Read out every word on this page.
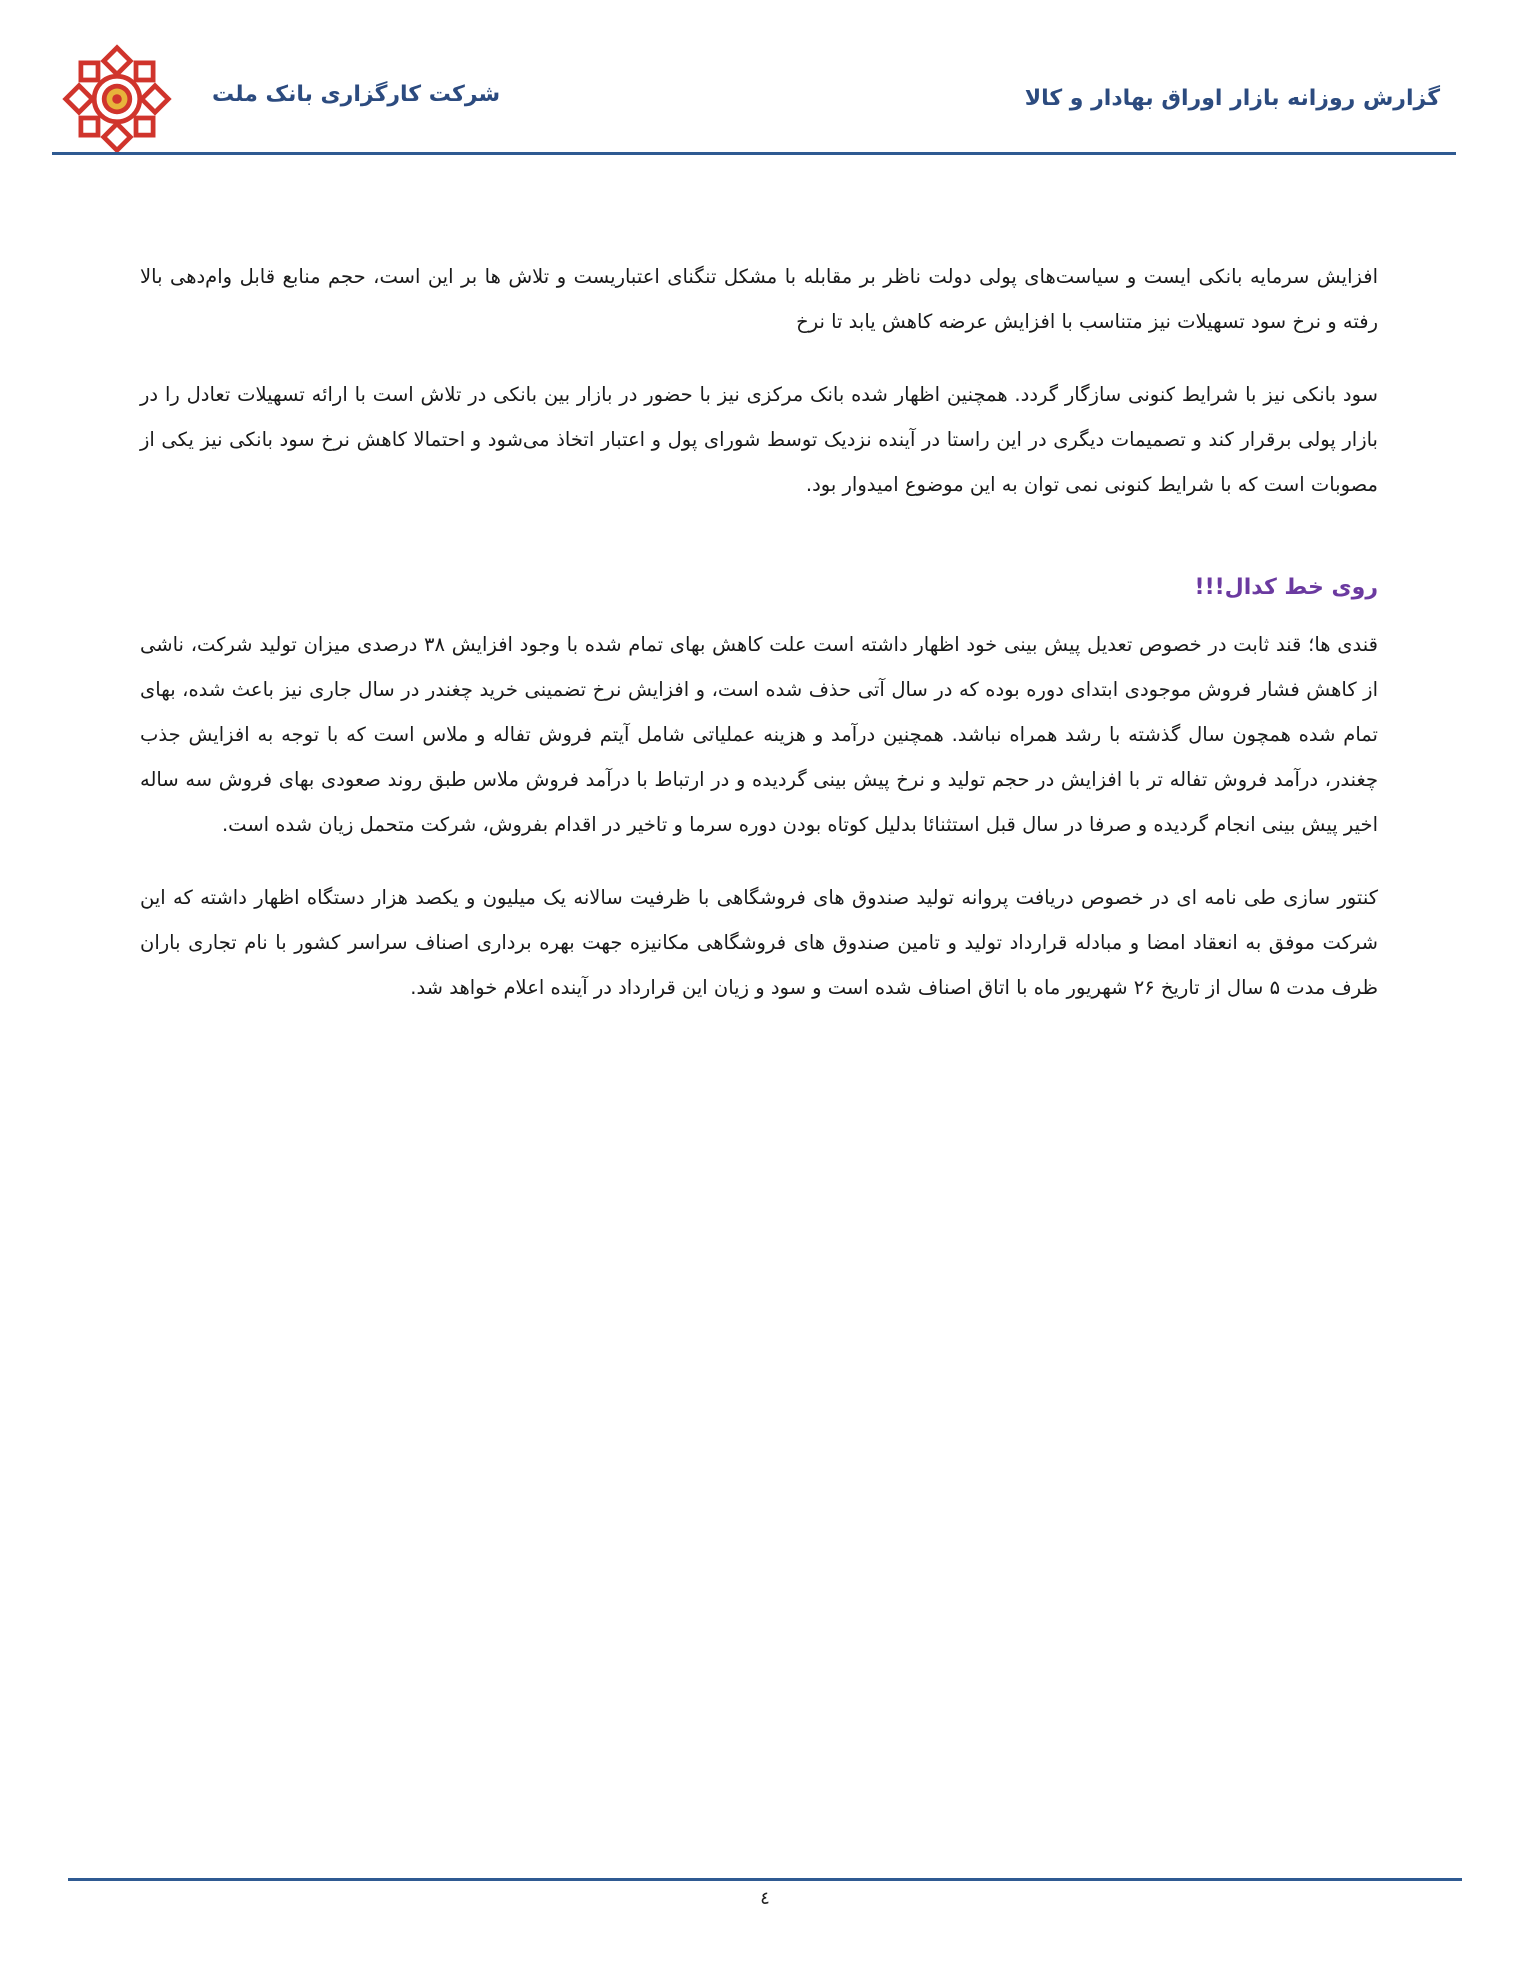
شرکت کارگزاری بانک ملت	گزارش روزانه بازار اوراق بهادار و کالا

افزایش سرمایه بانکی ایست و سیاست‌های پولی دولت ناظر بر مقابله با مشکل تنگنای اعتباریست و تلاش ها بر این است، حجم منابع قابل وام‌دهی بالا رفته و نرخ سود تسهیلات نیز متناسب با افزایش عرضه کاهش یابد تا نرخ

سود بانکی نیز با شرایط کنونی سازگار گردد. همچنین اظهار شده بانک مرکزی نیز با حضور در بازار بین بانکی در تلاش است با ارائه تسهیلات تعادل را در بازار پولی برقرار کند و تصمیمات دیگری در این راستا در آینده نزدیک توسط شورای پول و اعتبار اتخاذ می‌شود و احتمالا کاهش نرخ سود بانکی نیز یکی از مصوبات است که با شرایط کنونی نمی توان به این موضوع امیدوار بود.

روی خط کدال!!!

قندی ها؛ قند ثابت در خصوص تعدیل پیش بینی خود اظهار داشته است علت کاهش بهای تمام شده با وجود افزایش ۳۸ درصدی میزان تولید شرکت، ناشی از کاهش فشار فروش موجودی ابتدای دوره بوده که در سال آتی حذف شده است، و افزایش نرخ تضمینی خرید چغندر در سال جاری نیز باعث شده، بهای تمام شده همچون سال گذشته با رشد همراه نباشد. همچنین درآمد و هزینه عملیاتی شامل آیتم فروش تفاله و ملاس است که با توجه به افزایش جذب چغندر، درآمد فروش تفاله تر با افزایش در حجم تولید و نرخ پیش بینی گردیده و در ارتباط با درآمد فروش ملاس طبق روند صعودی بهای فروش سه ساله اخیر پیش بینی انجام گردیده و صرفا در سال قبل استثنائا بدلیل کوتاه بودن دوره سرما و تاخیر در اقدام بفروش، شرکت متحمل زیان شده است.

کنتور سازی طی نامه ای در خصوص دریافت پروانه تولید صندوق های فروشگاهی با ظرفیت سالانه یک میلیون و یکصد هزار دستگاه اظهار داشته که این شرکت موفق به انعقاد امضا و مبادله قرارداد تولید و تامین صندوق های فروشگاهی مکانیزه جهت بهره برداری اصناف سراسر کشور با نام تجاری باران ظرف مدت ۵ سال از تاریخ ۲۶ شهریور ماه با اتاق اصناف شده است و سود و زیان این قرارداد در آینده اعلام خواهد شد.

٤
